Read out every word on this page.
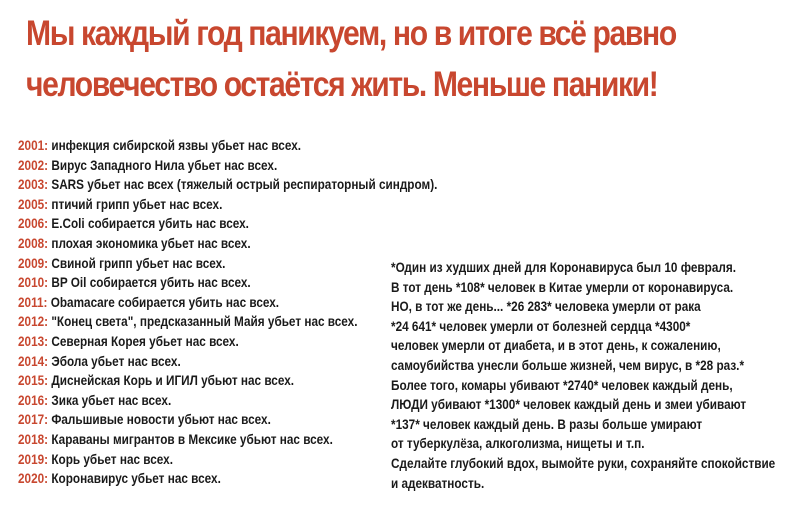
Мы каждый год паникуем, но в итоге всё равно
человечество остаётся жить. Меньше паники!
2001: инфекция сибирской язвы убьет нас всех.
2002: Вирус Западного Нила убьет нас всех.
2003: SARS убьет нас всех (тяжелый острый респираторный синдром).
2005: птичий грипп убьет нас всех.
2006: E.Coli собирается убить нас всех.
2008: плохая экономика убьет нас всех.
2009: Свиной грипп убьет нас всех.
2010: BP Oil собирается убить нас всех.
2011: Obamacare собирается убить нас всех.
2012: "Конец света", предсказанный Майя убьет нас всех.
2013: Северная Корея убьет нас всех.
2014: Эбола убьет нас всех.
2015: Диснейская Корь и ИГИЛ убьют нас всех.
2016: Зика убьет нас всех.
2017: Фальшивые новости убьют нас всех.
2018: Караваны мигрантов в Мексике убьют нас всех.
2019: Корь убьет нас всех.
2020: Коронавирус убьет нас всех.
*Один из худших дней для Коронавируса был 10 февраля.
В тот день *108* человек в Китае умерли от коронавируса.
НО, в тот же день... *26 283* человека умерли от рака
*24 641* человек умерли от болезней сердца *4300*
человек умерли от диабета, и в этот день, к сожалению,
самоубийства унесли больше жизней, чем вирус, в *28 раз.*
Более того, комары убивают *2740* человек каждый день,
ЛЮДИ убивают *1300* человек каждый день и змеи убивают
*137* человек каждый день. В разы больше умирают
от туберкулёза, алкоголизма, нищеты и т.п.
Сделайте глубокий вдох, вымойте руки, сохраняйте спокойствие
и адекватность.
